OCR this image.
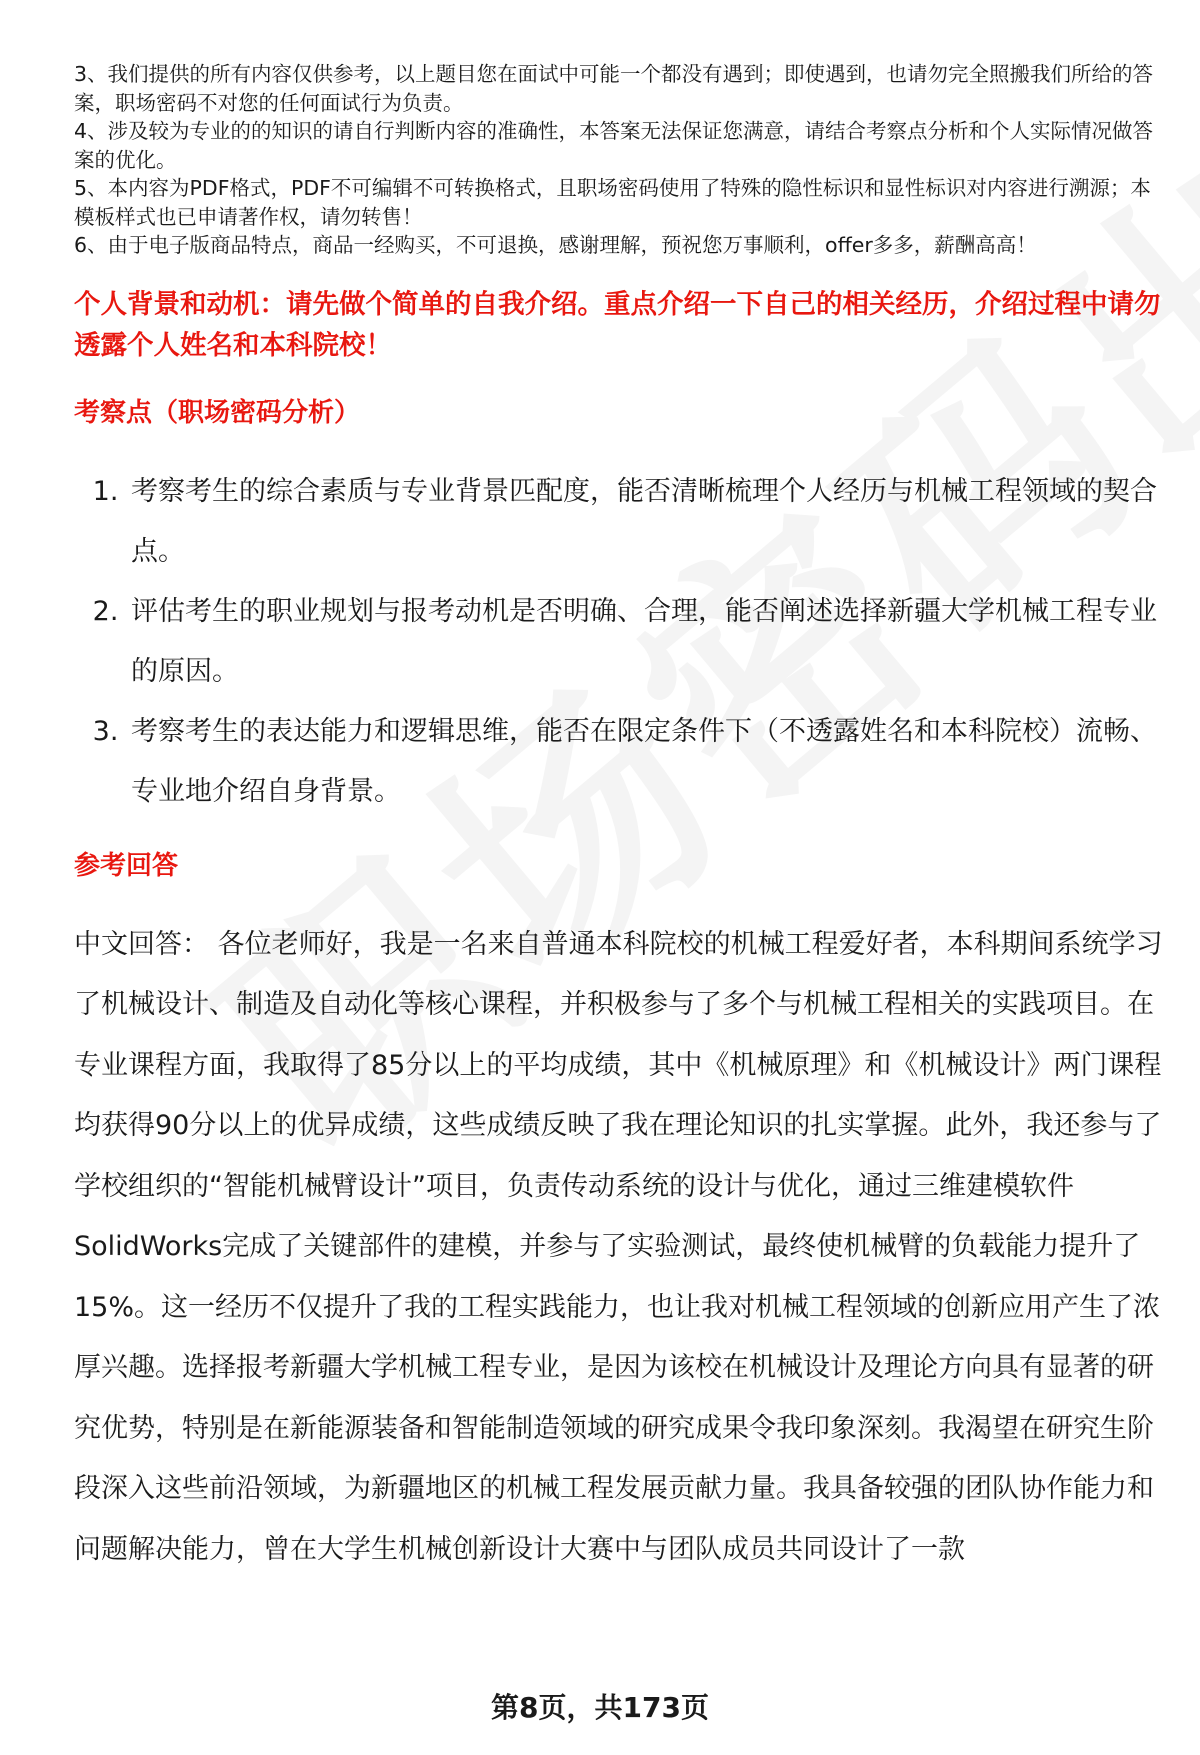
3、我们提供的所有内容仅供参考，以上题目您在面试中可能一个都没有遇到；即使遇到，也请勿完全照搬我们所给的答案，职场密码不对您的任何面试行为负责。
4、涉及较为专业的的知识的请自行判断内容的准确性，本答案无法保证您满意，请结合考察点分析和个人实际情况做答案的优化。
5、本内容为PDF格式，PDF不可编辑不可转换格式，且职场密码使用了特殊的隐性标识和显性标识对内容进行溯源；本模板样式也已申请著作权，请勿转售！
6、由于电子版商品特点，商品一经购买，不可退换，感谢理解，预祝您万事顺利，offer多多，薪酬高高！
个人背景和动机：请先做个简单的自我介绍。重点介绍一下自己的相关经历，介绍过程中请勿透露个人姓名和本科院校！
考察点（职场密码分析）
1. 考察考生的综合素质与专业背景匹配度，能否清晰梳理个人经历与机械工程领域的契合点。
2. 评估考生的职业规划与报考动机是否明确、合理，能否阐述选择新疆大学机械工程专业的原因。
3. 考察考生的表达能力和逻辑思维，能否在限定条件下（不透露姓名和本科院校）流畅、专业地介绍自身背景。
参考回答
中文回答： 各位老师好，我是一名来自普通本科院校的机械工程爱好者，本科期间系统学习了机械设计、制造及自动化等核心课程，并积极参与了多个与机械工程相关的实践项目。在专业课程方面，我取得了85分以上的平均成绩，其中《机械原理》和《机械设计》两门课程均获得90分以上的优异成绩，这些成绩反映了我在理论知识的扎实掌握。此外，我还参与了学校组织的“智能机械臂设计”项目，负责传动系统的设计与优化，通过三维建模软件SolidWorks完成了关键部件的建模，并参与了实验测试，最终使机械臂的负载能力提升了15%。这一经历不仅提升了我的工程实践能力，也让我对机械工程领域的创新应用产生了浓厚兴趣。选择报考新疆大学机械工程专业，是因为该校在机械设计及理论方向具有显著的研究优势，特别是在新能源装备和智能制造领域的研究成果令我印象深刻。我渴望在研究生阶段深入这些前沿领域，为新疆地区的机械工程发展贡献力量。我具备较强的团队协作能力和问题解决能力，曾在大学生机械创新设计大赛中与团队成员共同设计了一款
第8页，共173页
